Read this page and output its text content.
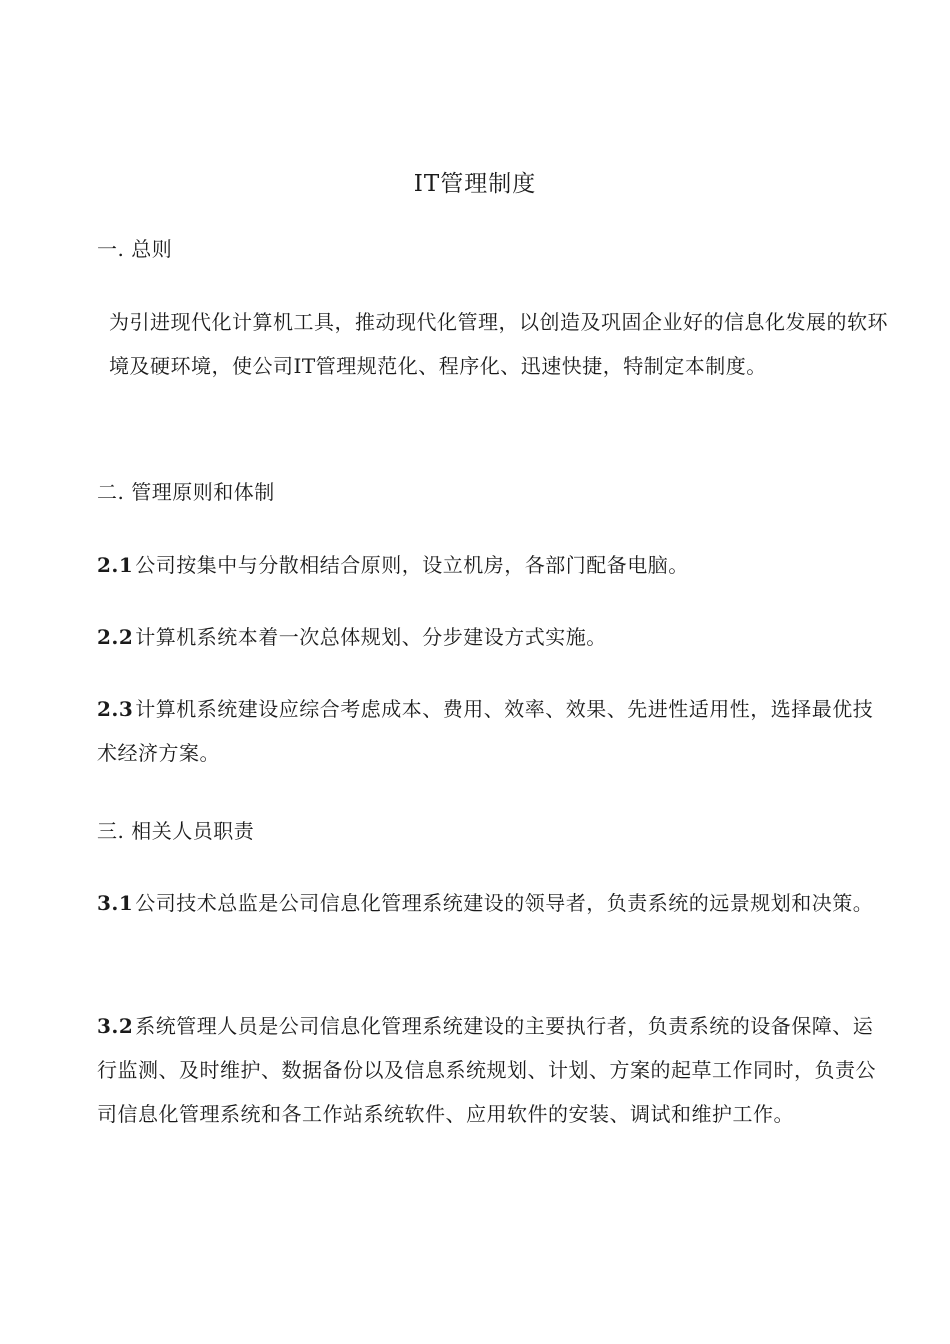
IT管理制度

一. 总则

为引进现代化计算机工具，推动现代化管理，以创造及巩固企业好的信息化发展的软环境及硬环境，使公司IT管理规范化、程序化、迅速快捷，特制定本制度。

二. 管理原则和体制

2.1 公司按集中与分散相结合原则，设立机房，各部门配备电脑。

2.2 计算机系统本着一次总体规划、分步建设方式实施。

2.3 计算机系统建设应综合考虑成本、费用、效率、效果、先进性适用性，选择最优技术经济方案。

三. 相关人员职责

3.1 公司技术总监是公司信息化管理系统建设的领导者，负责系统的远景规划和决策。

3.2 系统管理人员是公司信息化管理系统建设的主要执行者，负责系统的设备保障、运行监测、及时维护、数据备份以及信息系统规划、计划、方案的起草工作同时，负责公司信息化管理系统和各工作站系统软件、应用软件的安装、调试和维护工作。
